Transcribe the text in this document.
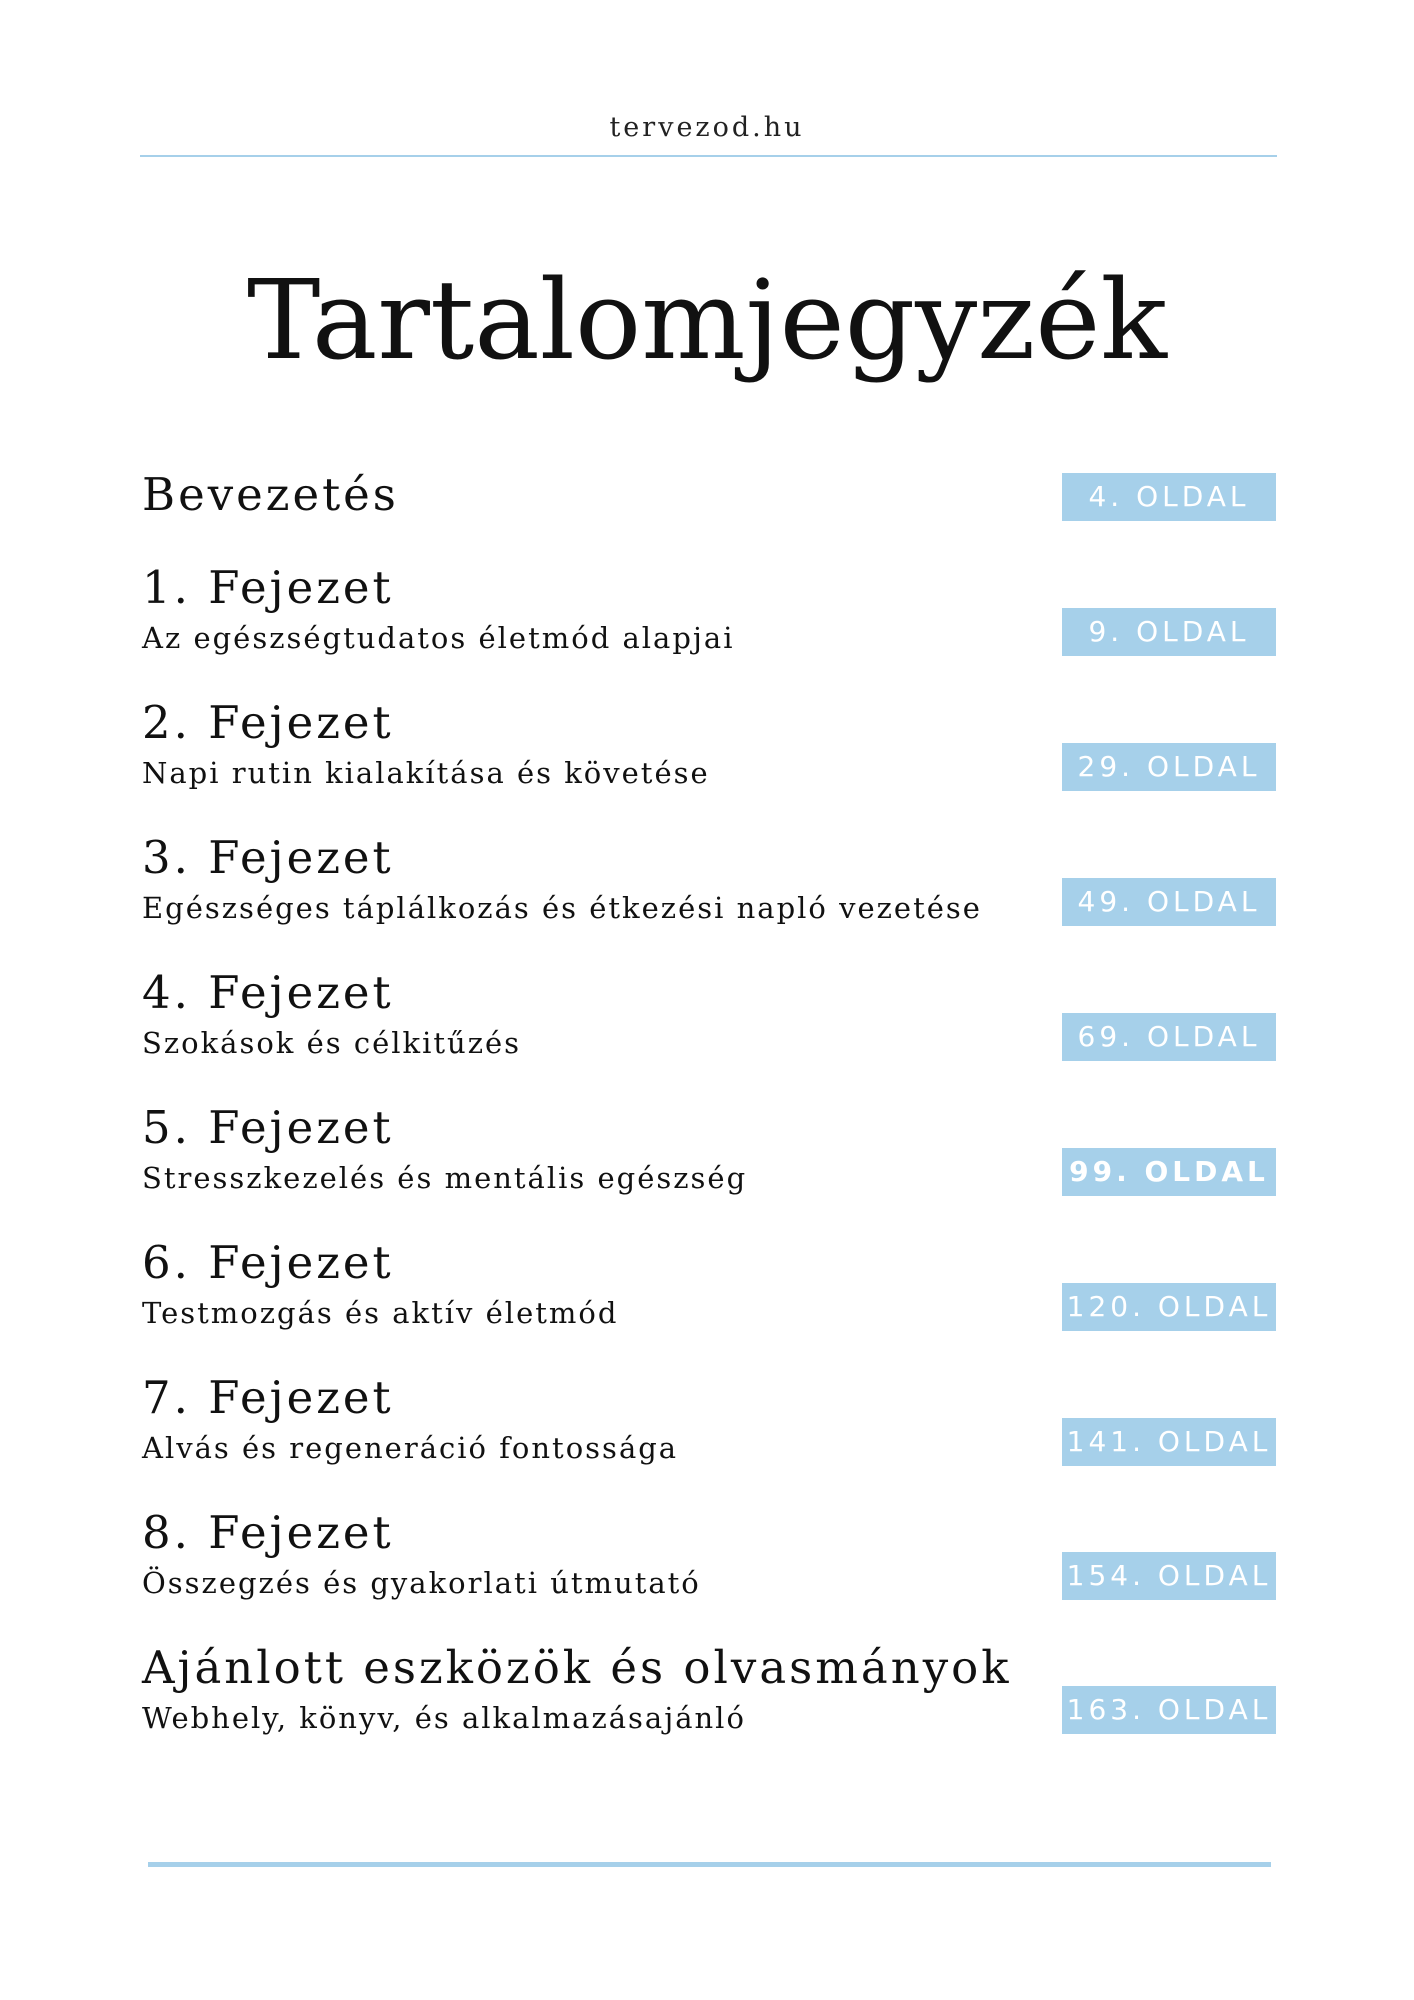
tervezod.hu
Tartalomjegyzék
Bevezetés	4. OLDAL
1. Fejezet
Az egészségtudatos életmód alapjai	9. OLDAL
2. Fejezet
Napi rutin kialakítása és követése	29. OLDAL
3. Fejezet
Egészséges táplálkozás és étkezési napló vezetése	49. OLDAL
4. Fejezet
Szokások és célkitűzés	69. OLDAL
5. Fejezet
Stresszkezelés és mentális egészség	99. OLDAL
6. Fejezet
Testmozgás és aktív életmód	120. OLDAL
7. Fejezet
Alvás és regeneráció fontossága	141. OLDAL
8. Fejezet
Összegzés és gyakorlati útmutató	154. OLDAL
Ajánlott eszközök és olvasmányok
Webhely, könyv, és alkalmazásajánló	163. OLDAL
